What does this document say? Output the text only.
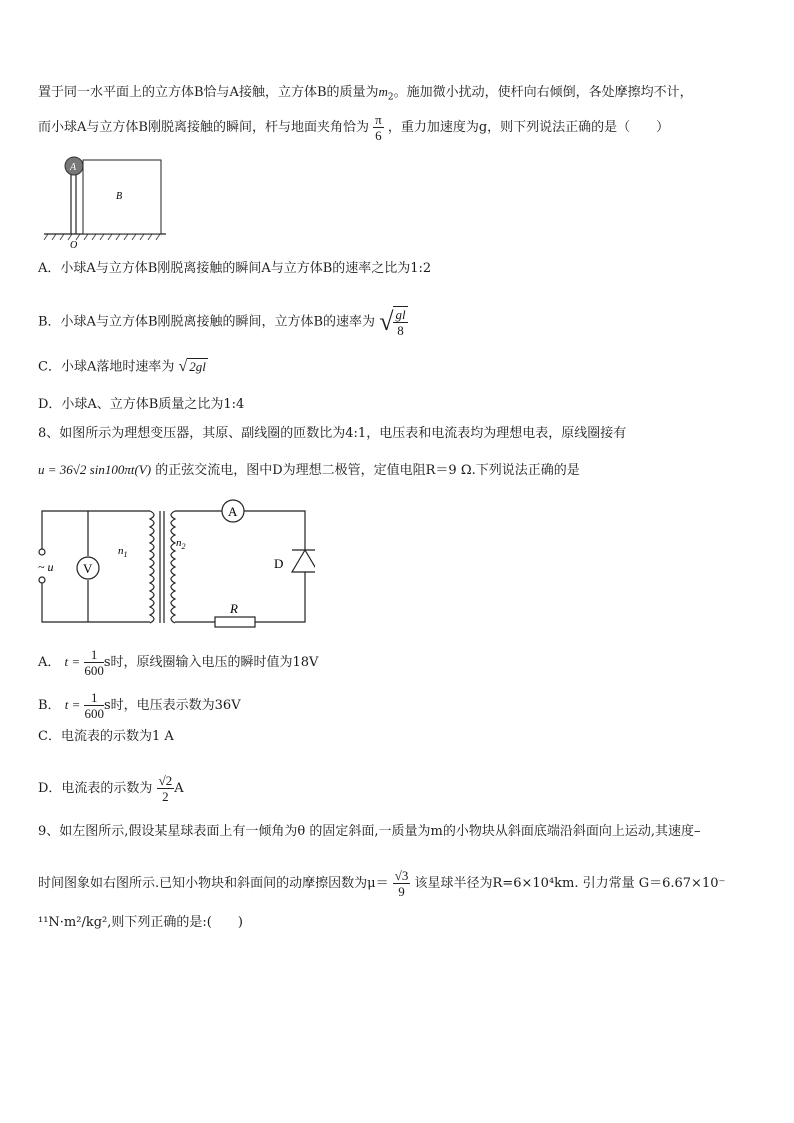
置于同一水平面上的立方体B恰与A接触，立方体B的质量为$m_2$。施加微小扰动，使杆向右倾倒，各处摩擦均不计，
而小球A与立方体B刚脱离接触的瞬间，杆与地面夹角恰为 $\frac{\pi}{6}$ ，重力加速度为g，则下列说法正确的是（　　）
A
B
O
A．小球A与立方体B刚脱离接触的瞬间A与立方体B的速率之比为1:2
B．小球A与立方体B刚脱离接触的瞬间，立方体B的速率为 √ $\frac{gl}{8}$
C．小球A落地时速率为 √ 2gl
D．小球A、立方体B质量之比为1:4
8、如图所示为理想变压器，其原、副线圈的匝数比为4:1，电压表和电流表均为理想电表，原线圈接有
u = 36√2 sin100πt(V) 的正弦交流电，图中D为理想二极管，定值电阻R＝9 Ω.下列说法正确的是
V
A
~ u
$n_1$
$n_2$
D
R
A． $t = \frac{1}{600}$ s时，原线圈输入电压的瞬时值为18V
B． $t = \frac{1}{600}$ s时，电压表示数为36V
C．电流表的示数为1 A
D．电流表的示数为 $\frac{√2}{2}$ A
9、如左图所示,假设某星球表面上有一倾角为θ 的固定斜面,一质量为m的小物块从斜面底端沿斜面向上运动,其速度–
时间图象如右图所示.已知小物块和斜面间的动摩擦因数为$\mu= \frac{√3}{9}$ 该星球半径为R=6×10⁴km. 引力常量 G＝6.67×10⁻
¹¹N·m²/kg²,则下列正确的是:(　　)
